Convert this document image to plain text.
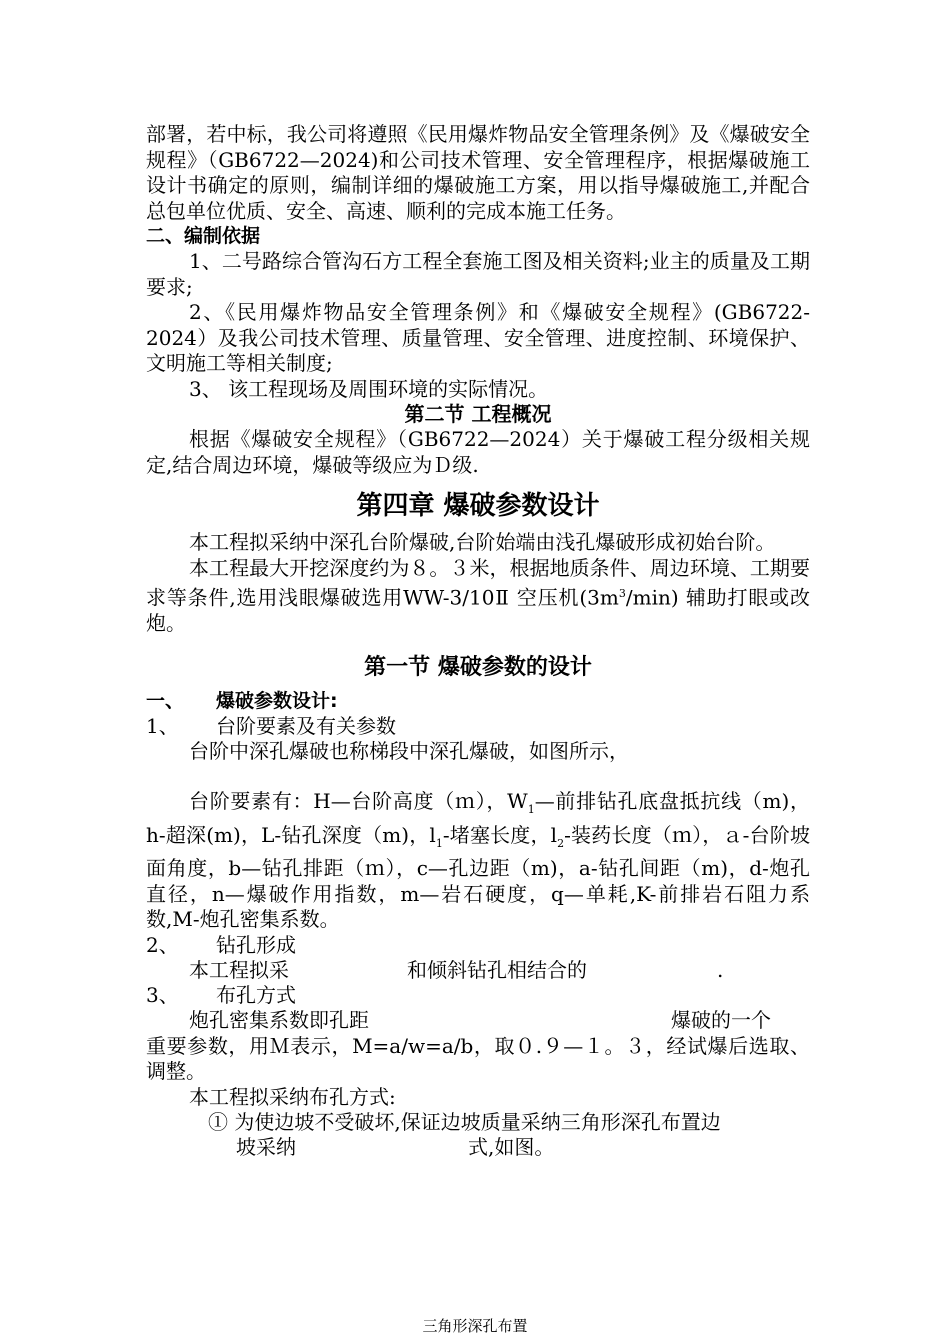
部署，若中标，我公司将遵照《民用爆炸物品安全管理条例》及《爆破安全规程》（GB6722—2024)和公司技术管理、安全管理程序，根据爆破施工设计书确定的原则，编制详细的爆破施工方案，用以指导爆破施工,并配合总包单位优质、安全、高速、顺利的完成本施工任务。

二、编制依据

1、二号路综合管沟石方工程全套施工图及相关资料;业主的质量及工期要求;

2、《民用爆炸物品安全管理条例》和《爆破安全规程》(GB6722-2024）及我公司技术管理、质量管理、安全管理、进度控制、环境保护、文明施工等相关制度;

3、 该工程现场及周围环境的实际情况。

第二节 工程概况

根据《爆破安全规程》（GB6722—2024）关于爆破工程分级相关规定,结合周边环境，爆破等级应为Ｄ级.

第四章 爆破参数设计

本工程拟采纳中深孔台阶爆破,台阶始端由浅孔爆破形成初始台阶。

本工程最大开挖深度约为８。３米，根据地质条件、周边环境、工期要求等条件,选用浅眼爆破选用WW-3/10Ⅱ 空压机$(3m^3/\min)$ 辅助打眼或改炮。

第一节 爆破参数的设计

一、	爆破参数设计:
1、	台阶要素及有关参数

台阶中深孔爆破也称梯段中深孔爆破，如图所示，

台阶要素有：H—台阶高度（ｍ），$W_1—$前排钻孔底盘抵抗线（m)，h-超深(m)，L-钻孔深度（m)，$l_1-$堵塞长度，$l_2-$装药长度（ｍ），ａ-台阶坡面角度，b—钻孔排距（ｍ），c—孔边距（m)，a-钻孔间距（m)，d-炮孔直径，n—爆破作用指数，m—岩石硬度，q—单耗,K-前排岩石阻力系数,M-炮孔密集系数。

2、	钻孔形成

本工程拟采	和倾斜钻孔相结合的	.

3、	布孔方式

炮孔密集系数即孔距	爆破的一个

重要参数，用Ｍ表示，M=a/w=a/b，取０.９—１。３，经试爆后选取、调整。

本工程拟采纳布孔方式:

① 为使边坡不受破坏,保证边坡质量采纳三角形深孔布置边
坡采纳	式,如图。
三角形深孔布置
